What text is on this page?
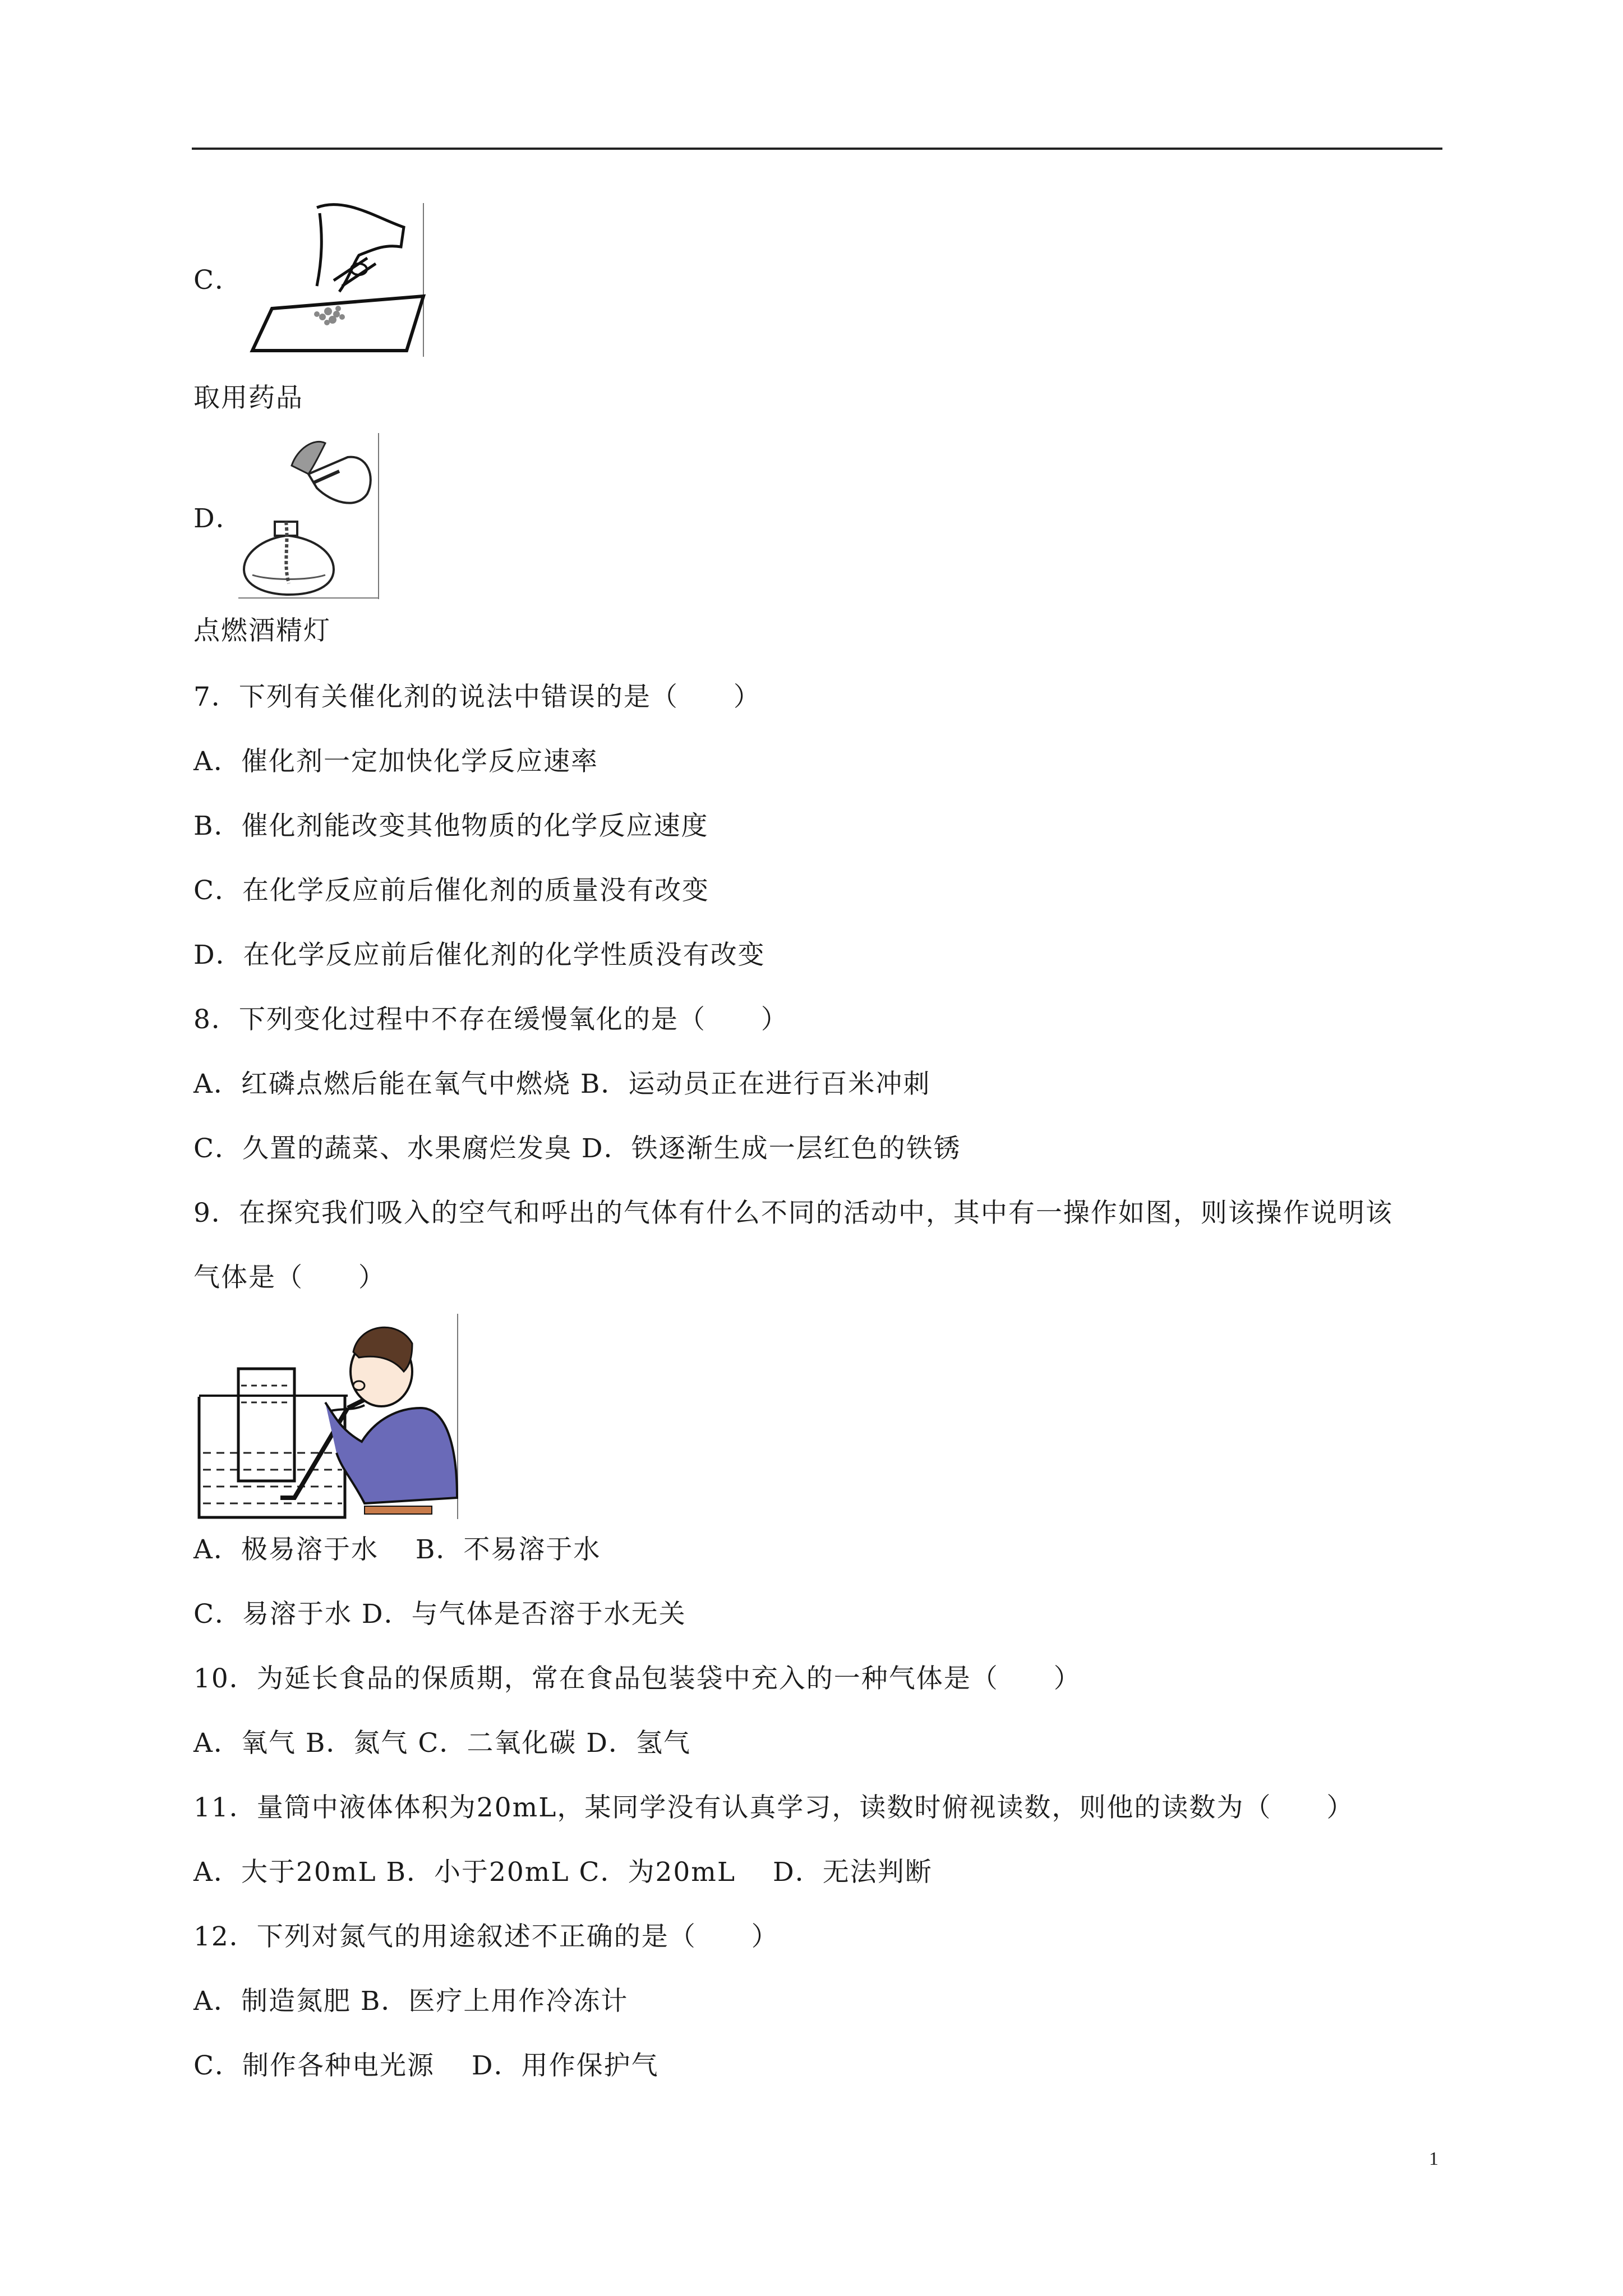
C．
取用药品
D．
点燃酒精灯
7．下列有关催化剂的说法中错误的是（　　）
A．催化剂一定加快化学反应速率
B．催化剂能改变其他物质的化学反应速度
C．在化学反应前后催化剂的质量没有改变
D．在化学反应前后催化剂的化学性质没有改变
8．下列变化过程中不存在缓慢氧化的是（　　）
A．红磷点燃后能在氧气中燃烧 B．运动员正在进行百米冲刺
C．久置的蔬菜、水果腐烂发臭 D．铁逐渐生成一层红色的铁锈
9．在探究我们吸入的空气和呼出的气体有什么不同的活动中，其中有一操作如图，则该操作说明该
气体是（　　）
A．极易溶于水　 B．不易溶于水
C．易溶于水 D．与气体是否溶于水无关
10．为延长食品的保质期，常在食品包装袋中充入的一种气体是（　　）
A．氧气 B．氮气 C．二氧化碳 D．氢气
11．量筒中液体体积为20mL，某同学没有认真学习，读数时俯视读数，则他的读数为（　　）
A．大于20mL B．小于20mL C．为20mL　 D．无法判断
12．下列对氮气的用途叙述不正确的是（　　）
A．制造氮肥 B．医疗上用作冷冻计
C．制作各种电光源　 D．用作保护气
1
